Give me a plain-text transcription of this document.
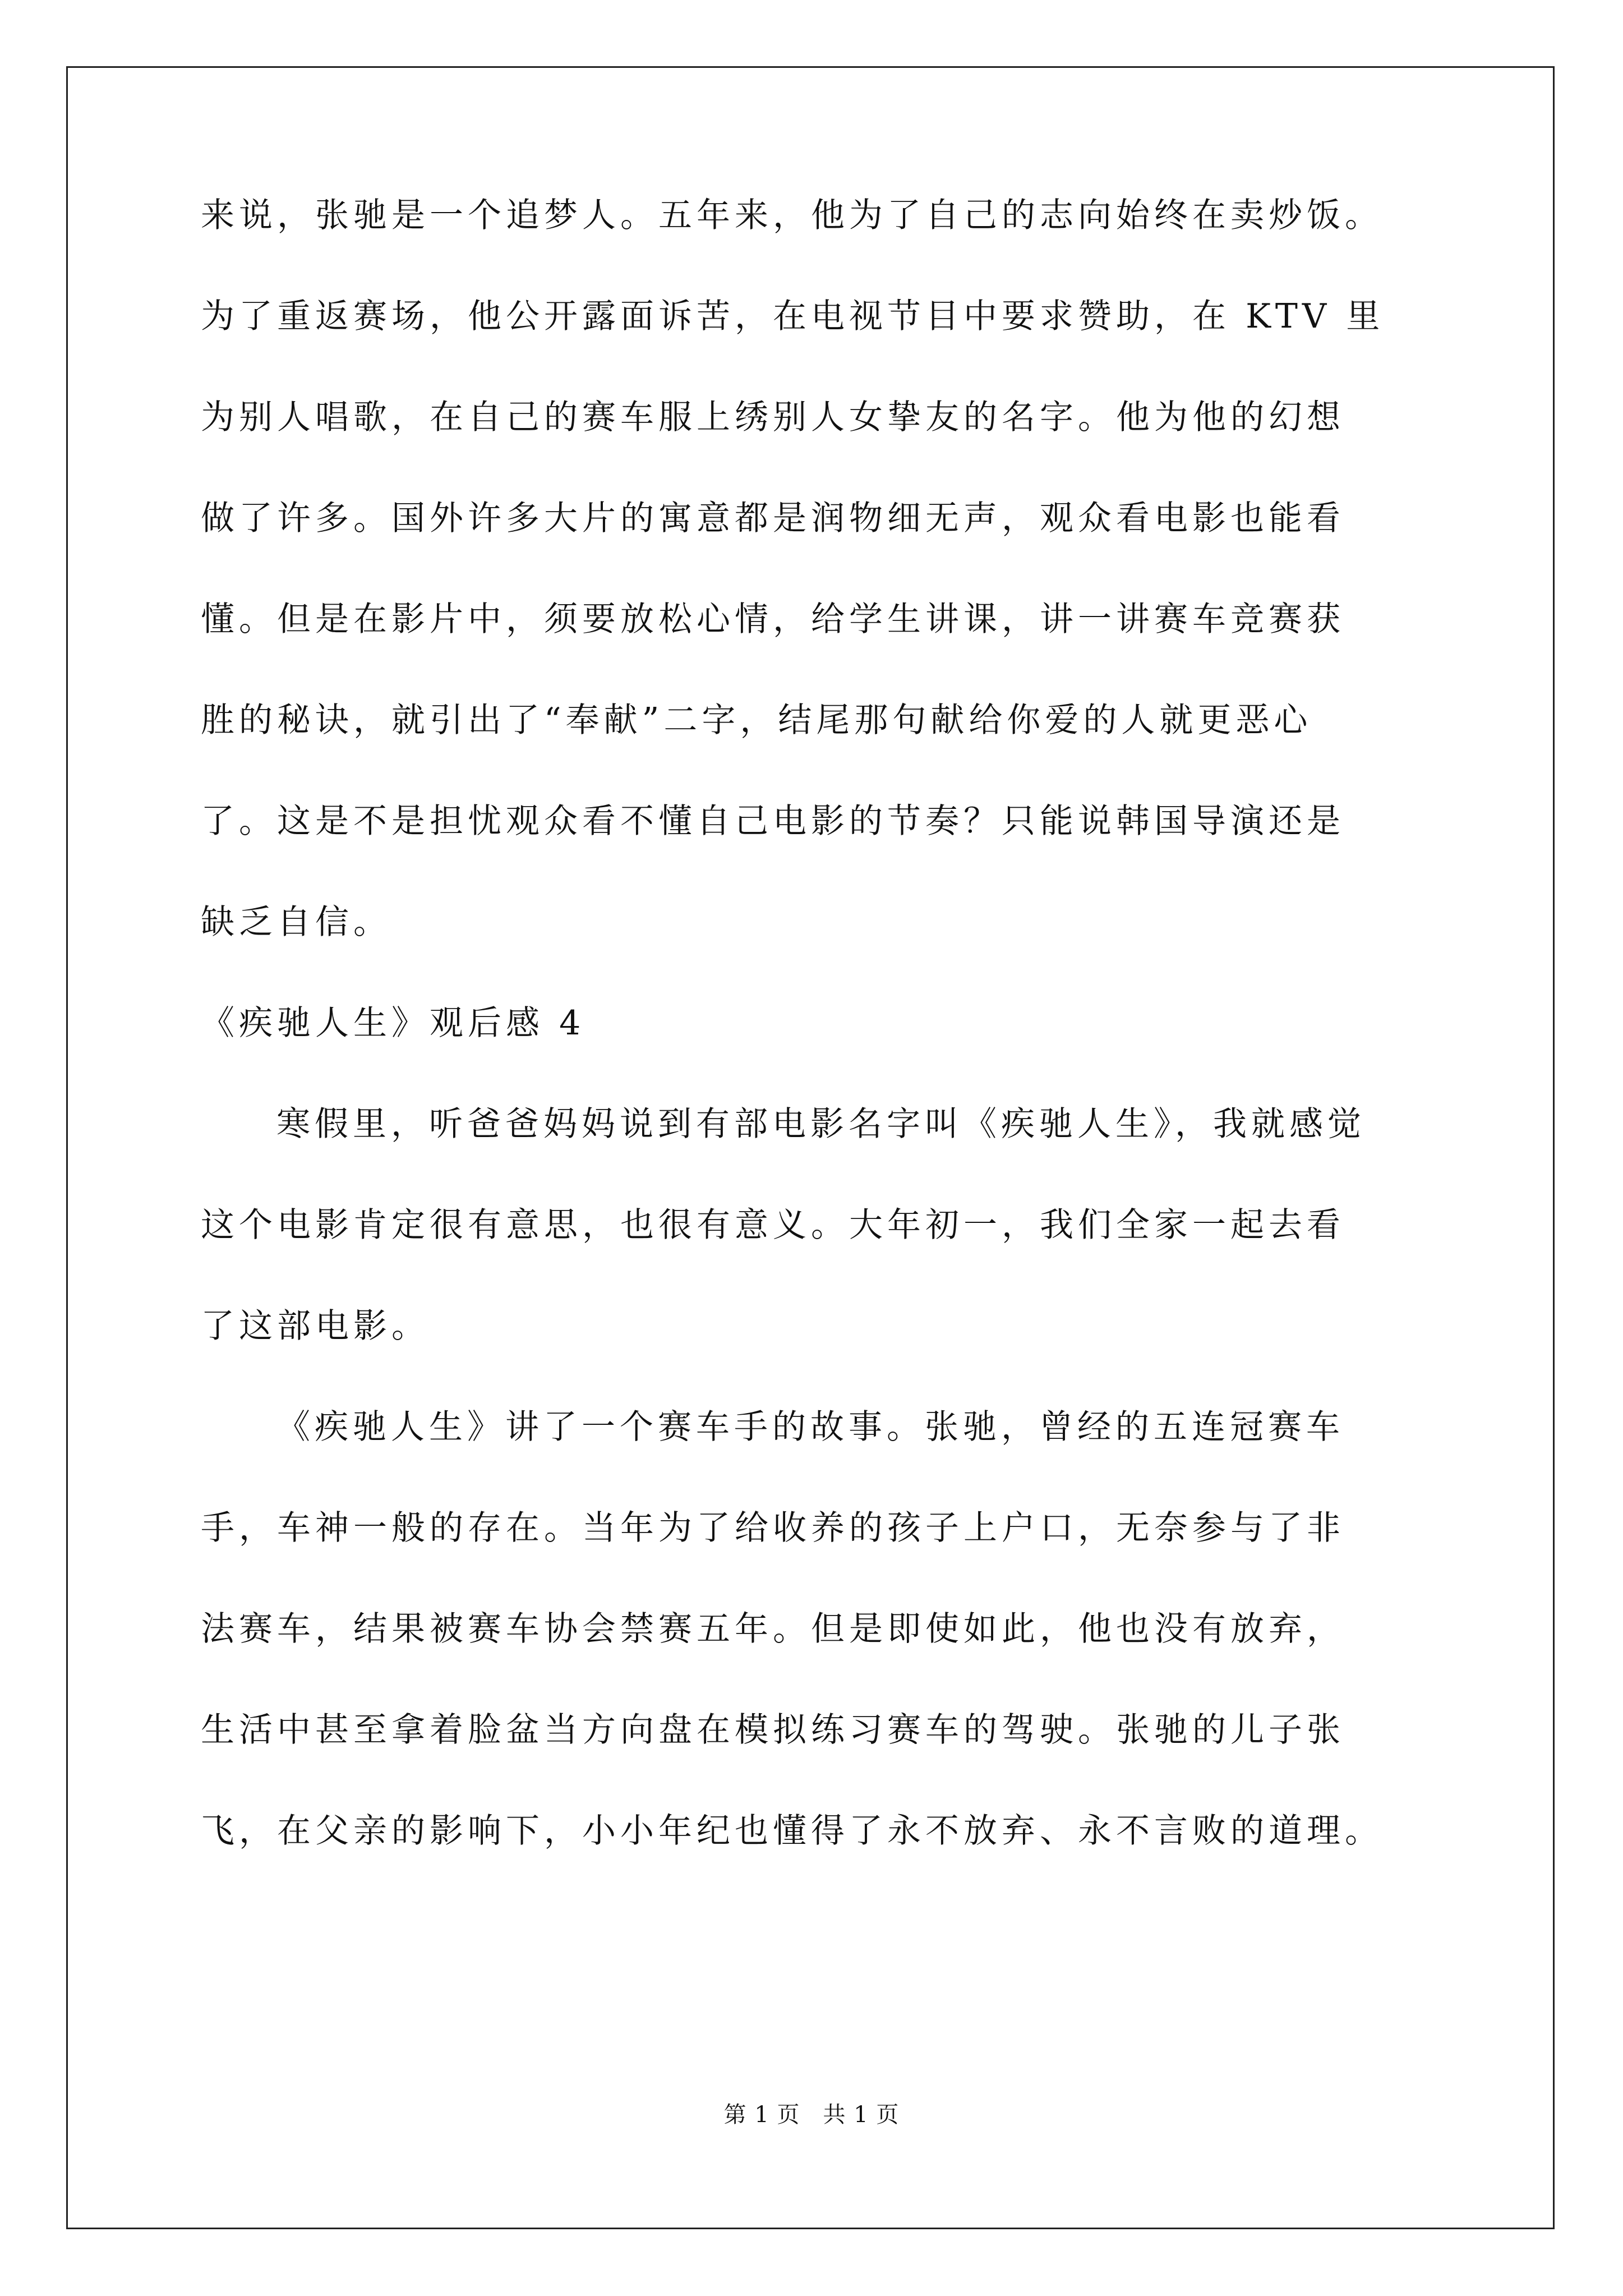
来说，张驰是一个追梦人。五年来，他为了自己的志向始终在卖炒饭。
为了重返赛场，他公开露面诉苦，在电视节目中要求赞助，在 KTV 里
为别人唱歌，在自己的赛车服上绣别人女挚友的名字。他为他的幻想
做了许多。国外许多大片的寓意都是润物细无声，观众看电影也能看
懂。但是在影片中，须要放松心情，给学生讲课，讲一讲赛车竞赛获
胜的秘诀，就引出了“奉献”二字，结尾那句献给你爱的人就更恶心
了。这是不是担忧观众看不懂自己电影的节奏？只能说韩国导演还是
缺乏自信。
《疾驰人生》观后感 4
寒假里，听爸爸妈妈说到有部电影名字叫《疾驰人生》，我就感觉
这个电影肯定很有意思，也很有意义。大年初一，我们全家一起去看
了这部电影。
《疾驰人生》讲了一个赛车手的故事。张驰，曾经的五连冠赛车
手，车神一般的存在。当年为了给收养的孩子上户口，无奈参与了非
法赛车，结果被赛车协会禁赛五年。但是即使如此，他也没有放弃，
生活中甚至拿着脸盆当方向盘在模拟练习赛车的驾驶。张驰的儿子张
飞，在父亲的影响下，小小年纪也懂得了永不放弃、永不言败的道理。
第 1 页　共 1 页
